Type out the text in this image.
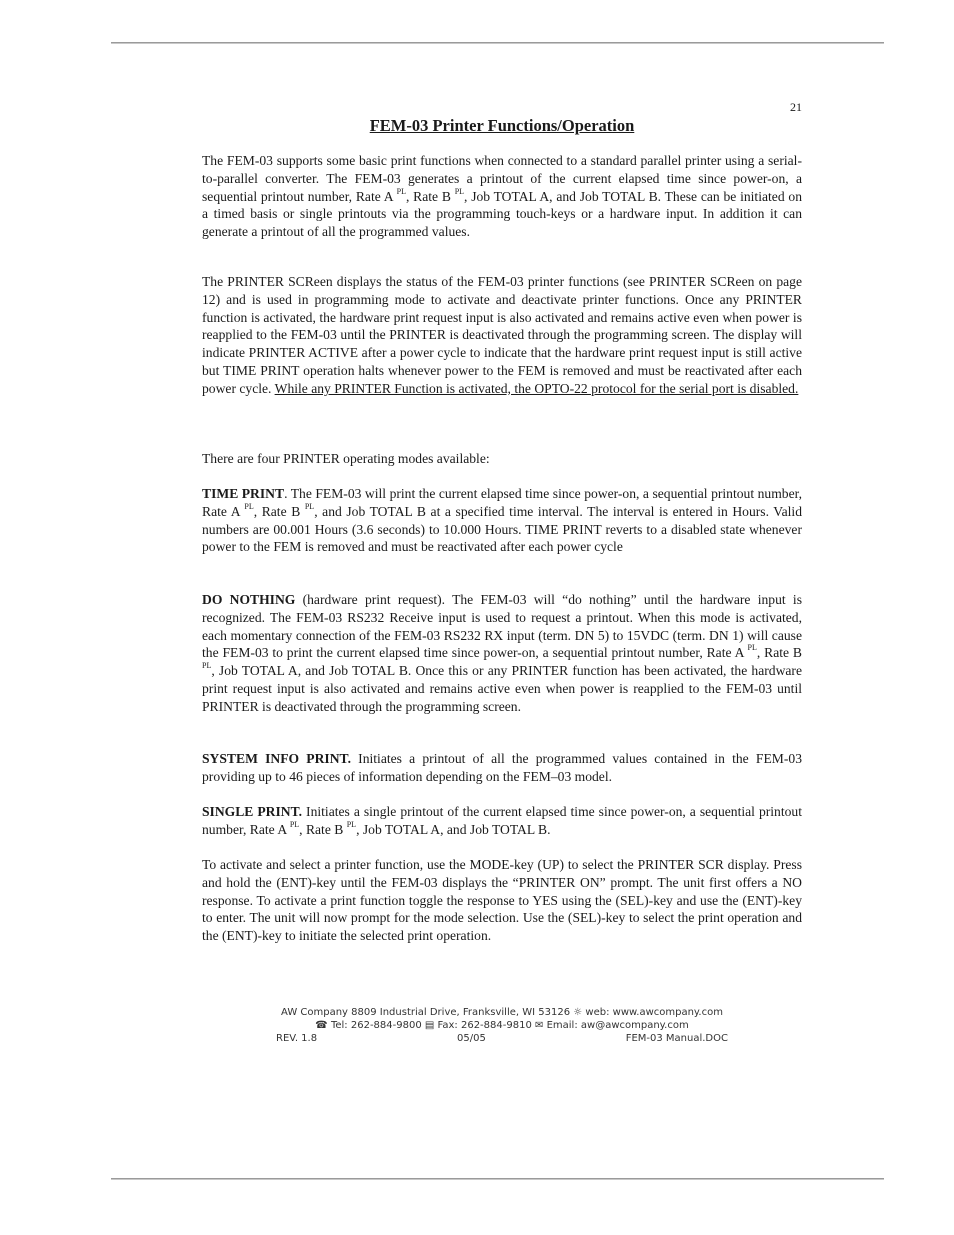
21
FEM-03 Printer Functions/Operation

The FEM-03 supports some basic print functions when connected to a standard parallel printer using a serial-to-parallel converter. The FEM-03 generates a printout of the current elapsed time since power-on, a sequential printout number, Rate A $^{PL}$, Rate B $^{PL}$, Job TOTAL A, and Job TOTAL B. These can be initiated on a timed basis or single printouts via the programming touch-keys or a hardware input. In addition it can generate a printout of all the programmed values.

The PRINTER SCReen displays the status of the FEM-03 printer functions (see PRINTER SCReen on page 12) and is used in programming mode to activate and deactivate printer functions. Once any PRINTER function is activated, the hardware print request input is also activated and remains active even when power is reapplied to the FEM-03 until the PRINTER is deactivated through the programming screen. The display will indicate PRINTER ACTIVE after a power cycle to indicate that the hardware print request input is still active but TIME PRINT operation halts whenever power to the FEM is removed and must be reactivated after each power cycle. While any PRINTER Function is activated, the OPTO-22 protocol for the serial port is disabled.

There are four PRINTER operating modes available:

TIME PRINT. The FEM-03 will print the current elapsed time since power-on, a sequential printout number, Rate A $^{PL}$, Rate B $^{PL}$, and Job TOTAL B at a specified time interval. The interval is entered in Hours. Valid numbers are 00.001 Hours (3.6 seconds) to 10.000 Hours. TIME PRINT reverts to a disabled state whenever power to the FEM is removed and must be reactivated after each power cycle

DO NOTHING (hardware print request). The FEM-03 will “do nothing” until the hardware input is recognized. The FEM-03 RS232 Receive input is used to request a printout. When this mode is activated, each momentary connection of the FEM-03 RS232 RX input (term. DN 5) to 15VDC (term. DN 1) will cause the FEM-03 to print the current elapsed time since power-on, a sequential printout number, Rate A $^{PL}$, Rate B $^{PL}$, Job TOTAL A, and Job TOTAL B. Once this or any PRINTER function has been activated, the hardware print request input is also activated and remains active even when power is reapplied to the FEM-03 until PRINTER is deactivated through the programming screen.

SYSTEM INFO PRINT. Initiates a printout of all the programmed values contained in the FEM-03 providing up to 46 pieces of information depending on the FEM–03 model.

SINGLE PRINT. Initiates a single printout of the current elapsed time since power-on, a sequential printout number, Rate A $^{PL}$, Rate B $^{PL}$, Job TOTAL A, and Job TOTAL B.

To activate and select a printer function, use the MODE-key (UP) to select the PRINTER SCR display. Press and hold the (ENT)-key until the FEM-03 displays the “PRINTER ON” prompt. The unit first offers a NO response. To activate a print function toggle the response to YES using the (SEL)-key and use the (ENT)-key to enter. The unit will now prompt for the mode selection. Use the (SEL)-key to select the print operation and the (ENT)-key to initiate the selected print operation.

AW Company 8809 Industrial Drive, Franksville, WI 53126 ☼ web: www.awcompany.com
☎ Tel: 262-884-9800 ▤ Fax: 262-884-9810 ✉ Email: aw@awcompany.com
REV. 1.8	05/05	FEM-03 Manual.DOC
